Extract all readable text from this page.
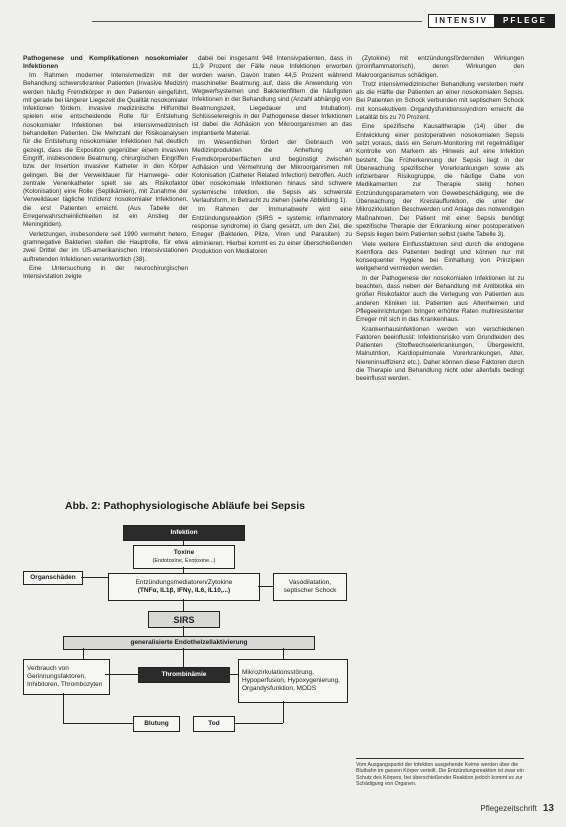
INTENSIV	PFLEGE

Pathogenese und Komplikationen nosokomialer Infektionen

Im Rahmen moderner Intensivmedizin mit der Behandlung schwerstkranker Patienten (Invasive Medizin) werden häufig Fremdkörper in den Patienten eingeführt, mit gerade bei längerer Liegezeit die Qualität nosokomialer Infektionen fördern. Invasive medizinische Hilfsmittel spielen eine entscheidende Rolle für Entstehung nosokomialer Infektionen bei intensivmedizinisch behandelten Patienten. Die Mehrzahl der Risikoanalysen für die Entstehung nosokomialer Infektionen hat deutlich gezeigt, dass die Exposition gegenüber einem invasiven Eingriff, insbesondere Beatmung, chirurgischen Eingriffen bzw. der Insertion invasiver Katheter in den Körper gelingen. Bei der Verweildauer für Harnwege- oder zentrale Venenkatheter spielt sie als Risikofaktor (Kolonisation) eine Rolle (Septikämien), mit Zunahme der Verweildauer tägliche Inzidenz nosokomialer Infektionen, die erst Patienten erreicht. (Aus Tabelle der Erregerwahrscheinlichkeiten ist ein Anstieg der Meningitiden).

Verletzungen, insbesondere seit 1990 vermehrt hetero, gramnegative Bakterien stellen die Hauptrolle, für etwa zwei Drittel der im US-amerikanischen Intensivstationen auftretenden Infektionen verantwortlich (38).

Eine Untersuchung in der neurochirurgischen Intensivstation zeigte

dabei bei insgesamt 948 Intensivpatienten, dass in 11,9 Prozent der Fälle neue Infektionen erworben worden waren. Davon traten 44,5 Prozent während maschineller Beatmung auf, dass die Anwendung von Wegwerfsystemen und Bakterienfiltern die häufigsten Infektionen in der Behandlung sind (Anzahl abhängig von Beatmungszeit, Liegedauer und Intubation). Schlüsselereignis in der Pathogenese dieser Infektionen ist dabei die Adhäsion von Mikroorganismen an das implantierte Material.

Im Wesentlichen fördert der Gebrauch von Medizinprodukten die Anheftung an Fremdkörperoberflächen und begünstigt zwischen Adhäsion und Vermehrung der Mikroorganismen mit Kolonisation (Catheter Related Infection) betroffen. Auch über nosokomiale Infektionen hinaus sind schwere systemische Infektion, die Sepsis als schwerste Verlaufsform, in Betracht zu ziehen (siehe Abbildung 1).

Im Rahmen der Immunabwehr wird eine Entzündungsreaktion (SIRS = systemic inflammatory response syndrome) in Gang gesetzt, um den Ziel, die Erreger (Bakterien, Pilze, Viren und Parasiten) zu eliminieren. Hierbei kommt es zu einer überschießenden Produktion von Mediatoren

(Zytokine) mit entzündungsfördernden Wirkungen (proinflammatorisch), deren Wirkungen den Makroorganismus schädigen.

Trotz intensivmedizinischer Behandlung versterben mehr als die Hälfte der Patienten an einer nosokomialen Sepsis. Bei Patienten im Schock verbunden mit septischem Schock mit konsekutivem Organdysfunktionssyndrom erreicht die Letalität bis zu 70 Prozent.

Eine spezifische Kausaltherapie (14) über die Entwicklung einer postoperativen nosokomialen Sepsis setzt voraus, dass ein Serum-Monitoring mit regelmäßiger Kontrolle von Markern als Hinweis auf eine Infektion besteht. Die Früherkennung der Sepsis liegt in der Überwachung spezifischer Vorerkrankungen sowie als infizierbarer Risikogruppe, die häufige Gabe von Medikamenten zur Therapie stetig hohen Entzündungsparametern von Gewebeschädigung, wie die Überwachung der Kreislauffunktion, die unter der Mikrozirkulation Beschwerden und Anlage des notwendigen Maßnahmen. Der Patient mit einer Sepsis benötigt spezifische Therapie der Erkrankung einer postoperativen Sepsis liegen beim Patienten selbst (siehe Tabelle 3).

Viele weitere Einflussfaktoren sind durch die endogene Keimflora des Patienten bedingt und können nur mit konsequenter Hygiene bei Einhaltung von Prinzipien weitgehend vermieden werden.

In der Pathogenese der nosokomialen Infektionen ist zu beachten, dass neben der Behandlung mit Antibiotika ein großer Risikofaktor auch die Verlegung von Patienten aus anderen Kliniken ist. Patienten aus Altenheimen und Pflegeeinrichtungen bringen erhöhte Raten multiresistenter Erreger mit sich in das Krankenhaus.

Krankenhausinfektionen werden von verschiedenen Faktoren beeinflusst: Infektionsrisiko vom Grundleiden des Patienten (Stoffwechselerkrankungen, Übergewicht, Malnutrition, Kardiopulmonale Vorerkrankungen, Alter, Niereninsuffizienz etc.). Daher können diese Faktoren durch die Therapie und Behandlung nicht oder allenfalls bedingt beeinflusst werden.

Abb. 2: Pathophysiologische Abläufe bei Sepsis
Infektion
Toxine
(Endotoxine, Exotoxine...)
Entzündungsmediatoren/Zytokine
(TNFα, IL1β, IFNγ, IL6, IL10,...)
Organschäden
Vasodilatation, septischer Schock
SIRS
generalisierte Endothelzellaktivierung
Verbrauch von Gerinnungsfaktoren, Inhibitoren, Thrombozyten
Thrombinämie	Mikrozirkulationsstörung, Hypoperfusion, Hypoxygenierung, Organdysfunktion, MODS
Blutung	Tod
Vom Ausgangspunkt der Infektion ausgehende Keime werden über die Blutbahn im ganzen Körper verteilt. Die Entzündungsreaktion ist zwar ein Schutz des Körpers, bei überschießender Reaktion jedoch kommt es zur Schädigung von Organen.
Pflegezeitschrift 13
